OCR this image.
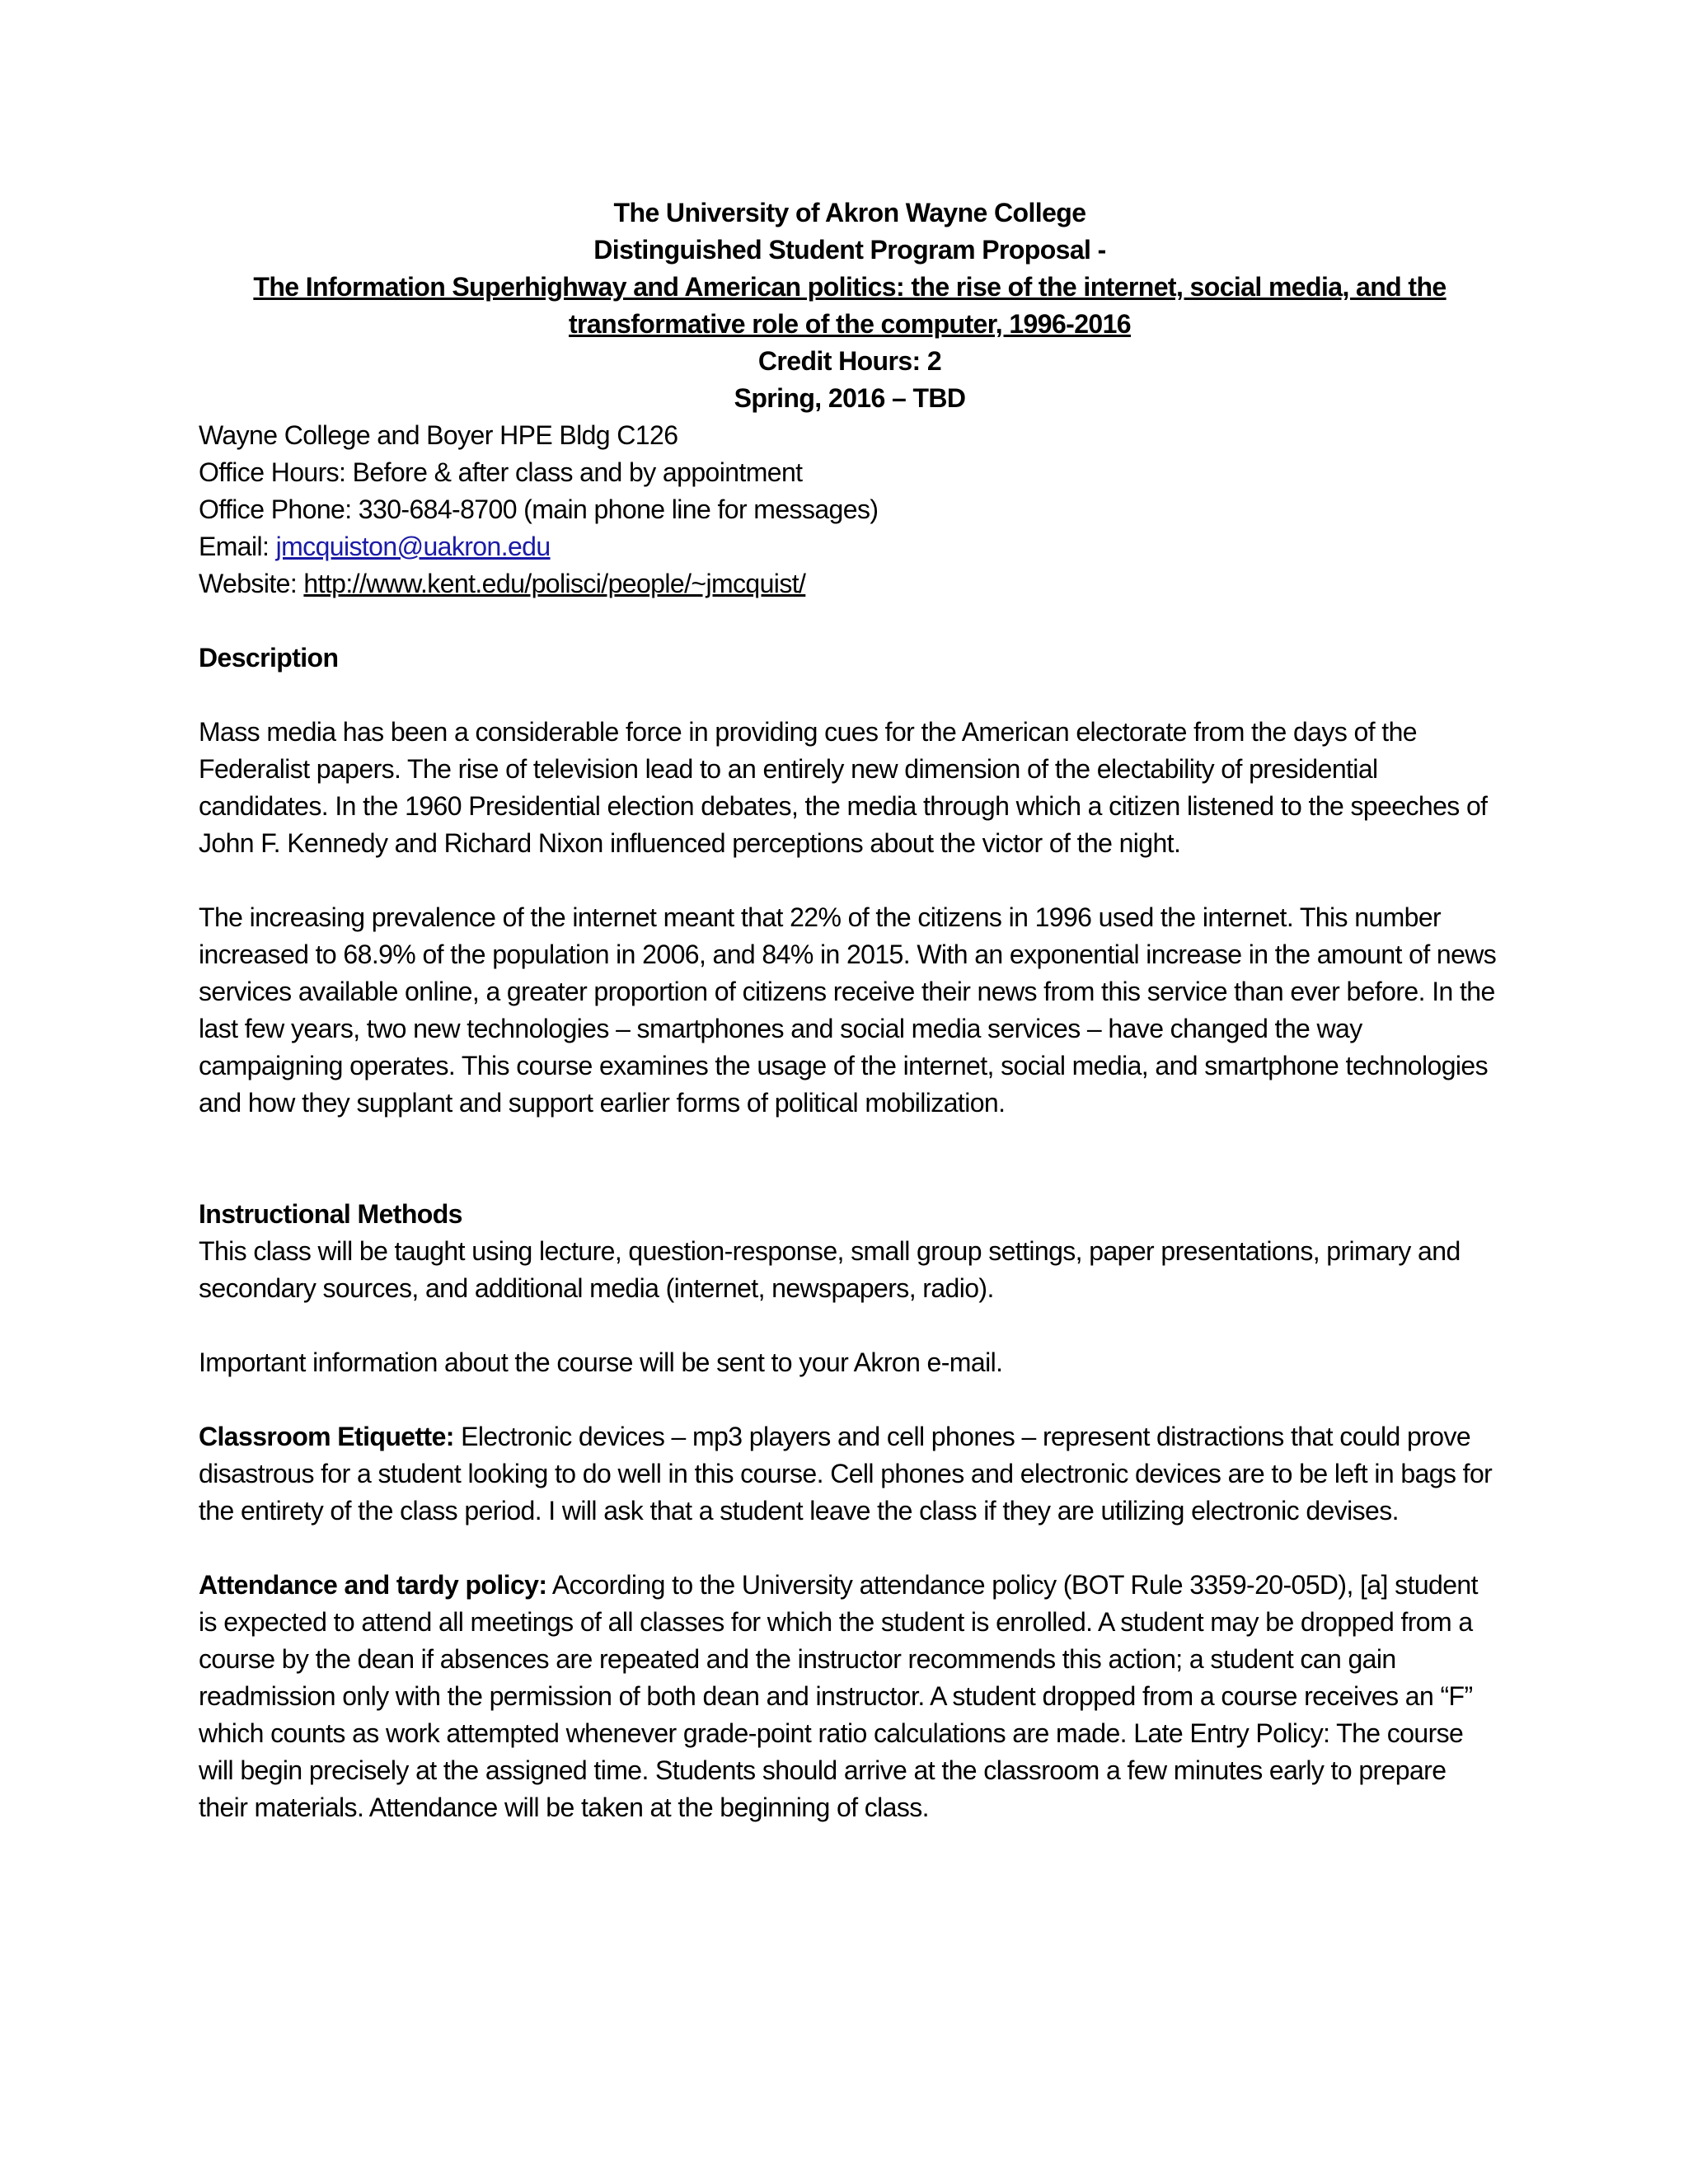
The University of Akron Wayne College
Distinguished Student Program Proposal -
The Information Superhighway and American politics: the rise of the internet, social media, and the transformative role of the computer, 1996-2016
Credit Hours: 2
Spring, 2016 – TBD
Wayne College and Boyer HPE Bldg C126
Office Hours: Before & after class and by appointment
Office Phone: 330-684-8700 (main phone line for messages)
Email: jmcquiston@uakron.edu
Website: http://www.kent.edu/polisci/people/~jmcquist/
Description

Mass media has been a considerable force in providing cues for the American electorate from the days of the Federalist papers. The rise of television lead to an entirely new dimension of the electability of presidential candidates. In the 1960 Presidential election debates, the media through which a citizen listened to the speeches of John F. Kennedy and Richard Nixon influenced perceptions about the victor of the night.

The increasing prevalence of the internet meant that 22% of the citizens in 1996 used the internet. This number increased to 68.9% of the population in 2006, and 84% in 2015. With an exponential increase in the amount of news services available online, a greater proportion of citizens receive their news from this service than ever before. In the last few years, two new technologies – smartphones and social media services – have changed the way campaigning operates. This course examines the usage of the internet, social media, and smartphone technologies and how they supplant and support earlier forms of political mobilization.

Instructional Methods

This class will be taught using lecture, question-response, small group settings, paper presentations, primary and secondary sources, and additional media (internet, newspapers, radio).

Important information about the course will be sent to your Akron e-mail.

Classroom Etiquette: Electronic devices – mp3 players and cell phones – represent distractions that could prove disastrous for a student looking to do well in this course. Cell phones and electronic devices are to be left in bags for the entirety of the class period. I will ask that a student leave the class if they are utilizing electronic devises.

Attendance and tardy policy: According to the University attendance policy (BOT Rule 3359-20-05D), [a] student is expected to attend all meetings of all classes for which the student is enrolled. A student may be dropped from a course by the dean if absences are repeated and the instructor recommends this action; a student can gain readmission only with the permission of both dean and instructor. A student dropped from a course receives an “F” which counts as work attempted whenever grade-point ratio calculations are made. Late Entry Policy: The course will begin precisely at the assigned time. Students should arrive at the classroom a few minutes early to prepare their materials. Attendance will be taken at the beginning of class.
